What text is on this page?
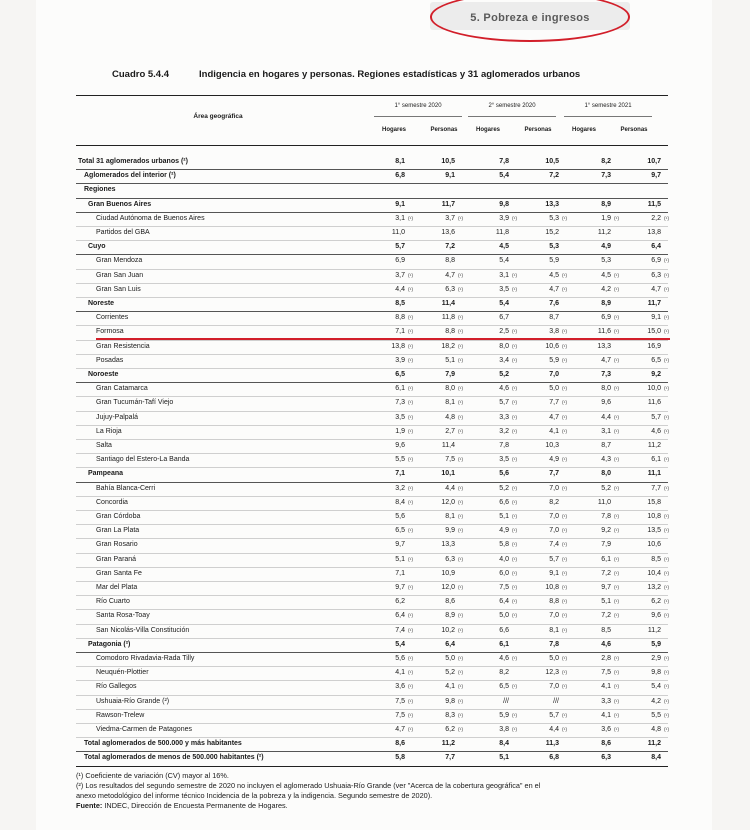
5. Pobreza e ingresos
Cuadro 5.4.4	Indigencia en hogares y personas. Regiones estadísticas y 31 aglomerados urbanos
Área geográfica
1° semestre 2020
Hogares	Personas
2° semestre 2020
Hogares	Personas
1° semestre 2021
Hogares	Personas
Total 31 aglomerados urbanos (²)	8,1	10,5	7,8	10,5	8,2	10,7
Aglomerados del interior (²)	6,8	9,1	5,4	7,2	7,3	9,7
Regiones
Gran Buenos Aires	9,1	11,7	9,8	13,3	8,9	11,5
Ciudad Autónoma de Buenos Aires	3,1 (¹)	3,7 (¹)	3,9 (¹)	5,3 (¹)	1,9 (¹)	2,2 (¹)
Partidos del GBA	11,0	13,6	11,8	15,2	11,2	13,8
Cuyo	5,7	7,2	4,5	5,3	4,9	6,4
Gran Mendoza	6,9	8,8	5,4	5,9	5,3	6,9 (¹)
Gran San Juan	3,7 (¹)	4,7 (¹)	3,1 (¹)	4,5 (¹)	4,5 (¹)	6,3 (¹)
Gran San Luis	4,4 (¹)	6,3 (¹)	3,5 (¹)	4,7 (¹)	4,2 (¹)	4,7 (¹)
Noreste	8,5	11,4	5,4	7,6	8,9	11,7
Corrientes	8,8 (¹)	11,8 (¹)	6,7	8,7	6,9 (¹)	9,1 (¹)
Formosa	7,1 (¹)	8,8 (¹)	2,5 (¹)	3,8 (¹)	11,6 (¹)	15,0 (¹)
Gran Resistencia	13,8 (¹)	18,2 (¹)	8,0 (¹)	10,6 (¹)	13,3	16,9
Posadas	3,9 (¹)	5,1 (¹)	3,4 (¹)	5,9 (¹)	4,7 (¹)	6,5 (¹)
Noroeste	6,5	7,9	5,2	7,0	7,3	9,2
Gran Catamarca	6,1 (¹)	8,0 (¹)	4,6 (¹)	5,0 (¹)	8,0 (¹)	10,0 (¹)
Gran Tucumán-Tafí Viejo	7,3 (¹)	8,1 (¹)	5,7 (¹)	7,7 (¹)	9,6	11,6
Jujuy-Palpalá	3,5 (¹)	4,8 (¹)	3,3 (¹)	4,7 (¹)	4,4 (¹)	5,7 (¹)
La Rioja	1,9 (¹)	2,7 (¹)	3,2 (¹)	4,1 (¹)	3,1 (¹)	4,6 (¹)
Salta	9,6	11,4	7,8	10,3	8,7	11,2
Santiago del Estero-La Banda	5,5 (¹)	7,5 (¹)	3,5 (¹)	4,9 (¹)	4,3 (¹)	6,1 (¹)
Pampeana	7,1	10,1	5,6	7,7	8,0	11,1
Bahía Blanca-Cerri	3,2 (¹)	4,4 (¹)	5,2 (¹)	7,0 (¹)	5,2 (¹)	7,7 (¹)
Concordia	8,4 (¹)	12,0 (¹)	6,6 (¹)	8,2	11,0	15,8
Gran Córdoba	5,6	8,1 (¹)	5,1 (¹)	7,0 (¹)	7,8 (¹)	10,8 (¹)
Gran La Plata	6,5 (¹)	9,9 (¹)	4,9 (¹)	7,0 (¹)	9,2 (¹)	13,5 (¹)
Gran Rosario	9,7	13,3	5,8 (¹)	7,4 (¹)	7,9	10,6
Gran Paraná	5,1 (¹)	6,3 (¹)	4,0 (¹)	5,7 (¹)	6,1 (¹)	8,5 (¹)
Gran Santa Fe	7,1	10,9	6,0 (¹)	9,1 (¹)	7,2 (¹)	10,4 (¹)
Mar del Plata	9,7 (¹)	12,0 (¹)	7,5 (¹)	10,8 (¹)	9,7 (¹)	13,2 (¹)
Río Cuarto	6,2	8,6	6,4 (¹)	8,8 (¹)	5,1 (¹)	6,2 (¹)
Santa Rosa-Toay	6,4 (¹)	8,9 (¹)	5,0 (¹)	7,0 (¹)	7,2 (¹)	9,6 (¹)
San Nicolás-Villa Constitución	7,4 (¹)	10,2 (¹)	6,6	8,1 (¹)	8,5	11,2
Patagonia (²)	5,4	6,4	6,1	7,8	4,6	5,9
Comodoro Rivadavia-Rada Tilly	5,6 (¹)	5,0 (¹)	4,6 (¹)	5,0 (¹)	2,8 (¹)	2,9 (¹)
Neuquén-Plottier	4,1 (¹)	5,2 (¹)	8,2	12,3 (¹)	7,5 (¹)	9,8 (¹)
Río Gallegos	3,6 (¹)	4,1 (¹)	6,5 (¹)	7,0 (¹)	4,1 (¹)	5,4 (¹)
Ushuaia-Río Grande (²)	7,5 (¹)	9,8 (¹)	///	///	3,3 (¹)	4,2 (¹)
Rawson-Trelew	7,5 (¹)	8,3 (¹)	5,9 (¹)	5,7 (¹)	4,1 (¹)	5,5 (¹)
Viedma-Carmen de Patagones	4,7 (¹)	6,2 (¹)	3,8 (¹)	4,4 (¹)	3,6 (¹)	4,8 (¹)
Total aglomerados de 500.000 y más habitantes	8,6	11,2	8,4	11,3	8,6	11,2
Total aglomerados de menos de 500.000 habitantes (²)	5,8	7,7	5,1	6,8	6,3	8,4
(¹) Coeficiente de variación (CV) mayor al 16%.
(²) Los resultados del segundo semestre de 2020 no incluyen el aglomerado Ushuaia-Río Grande (ver "Acerca de la cobertura geográfica" en el
anexo metodológico del informe técnico Incidencia de la pobreza y la indigencia. Segundo semestre de 2020).
Fuente: INDEC, Dirección de Encuesta Permanente de Hogares.
